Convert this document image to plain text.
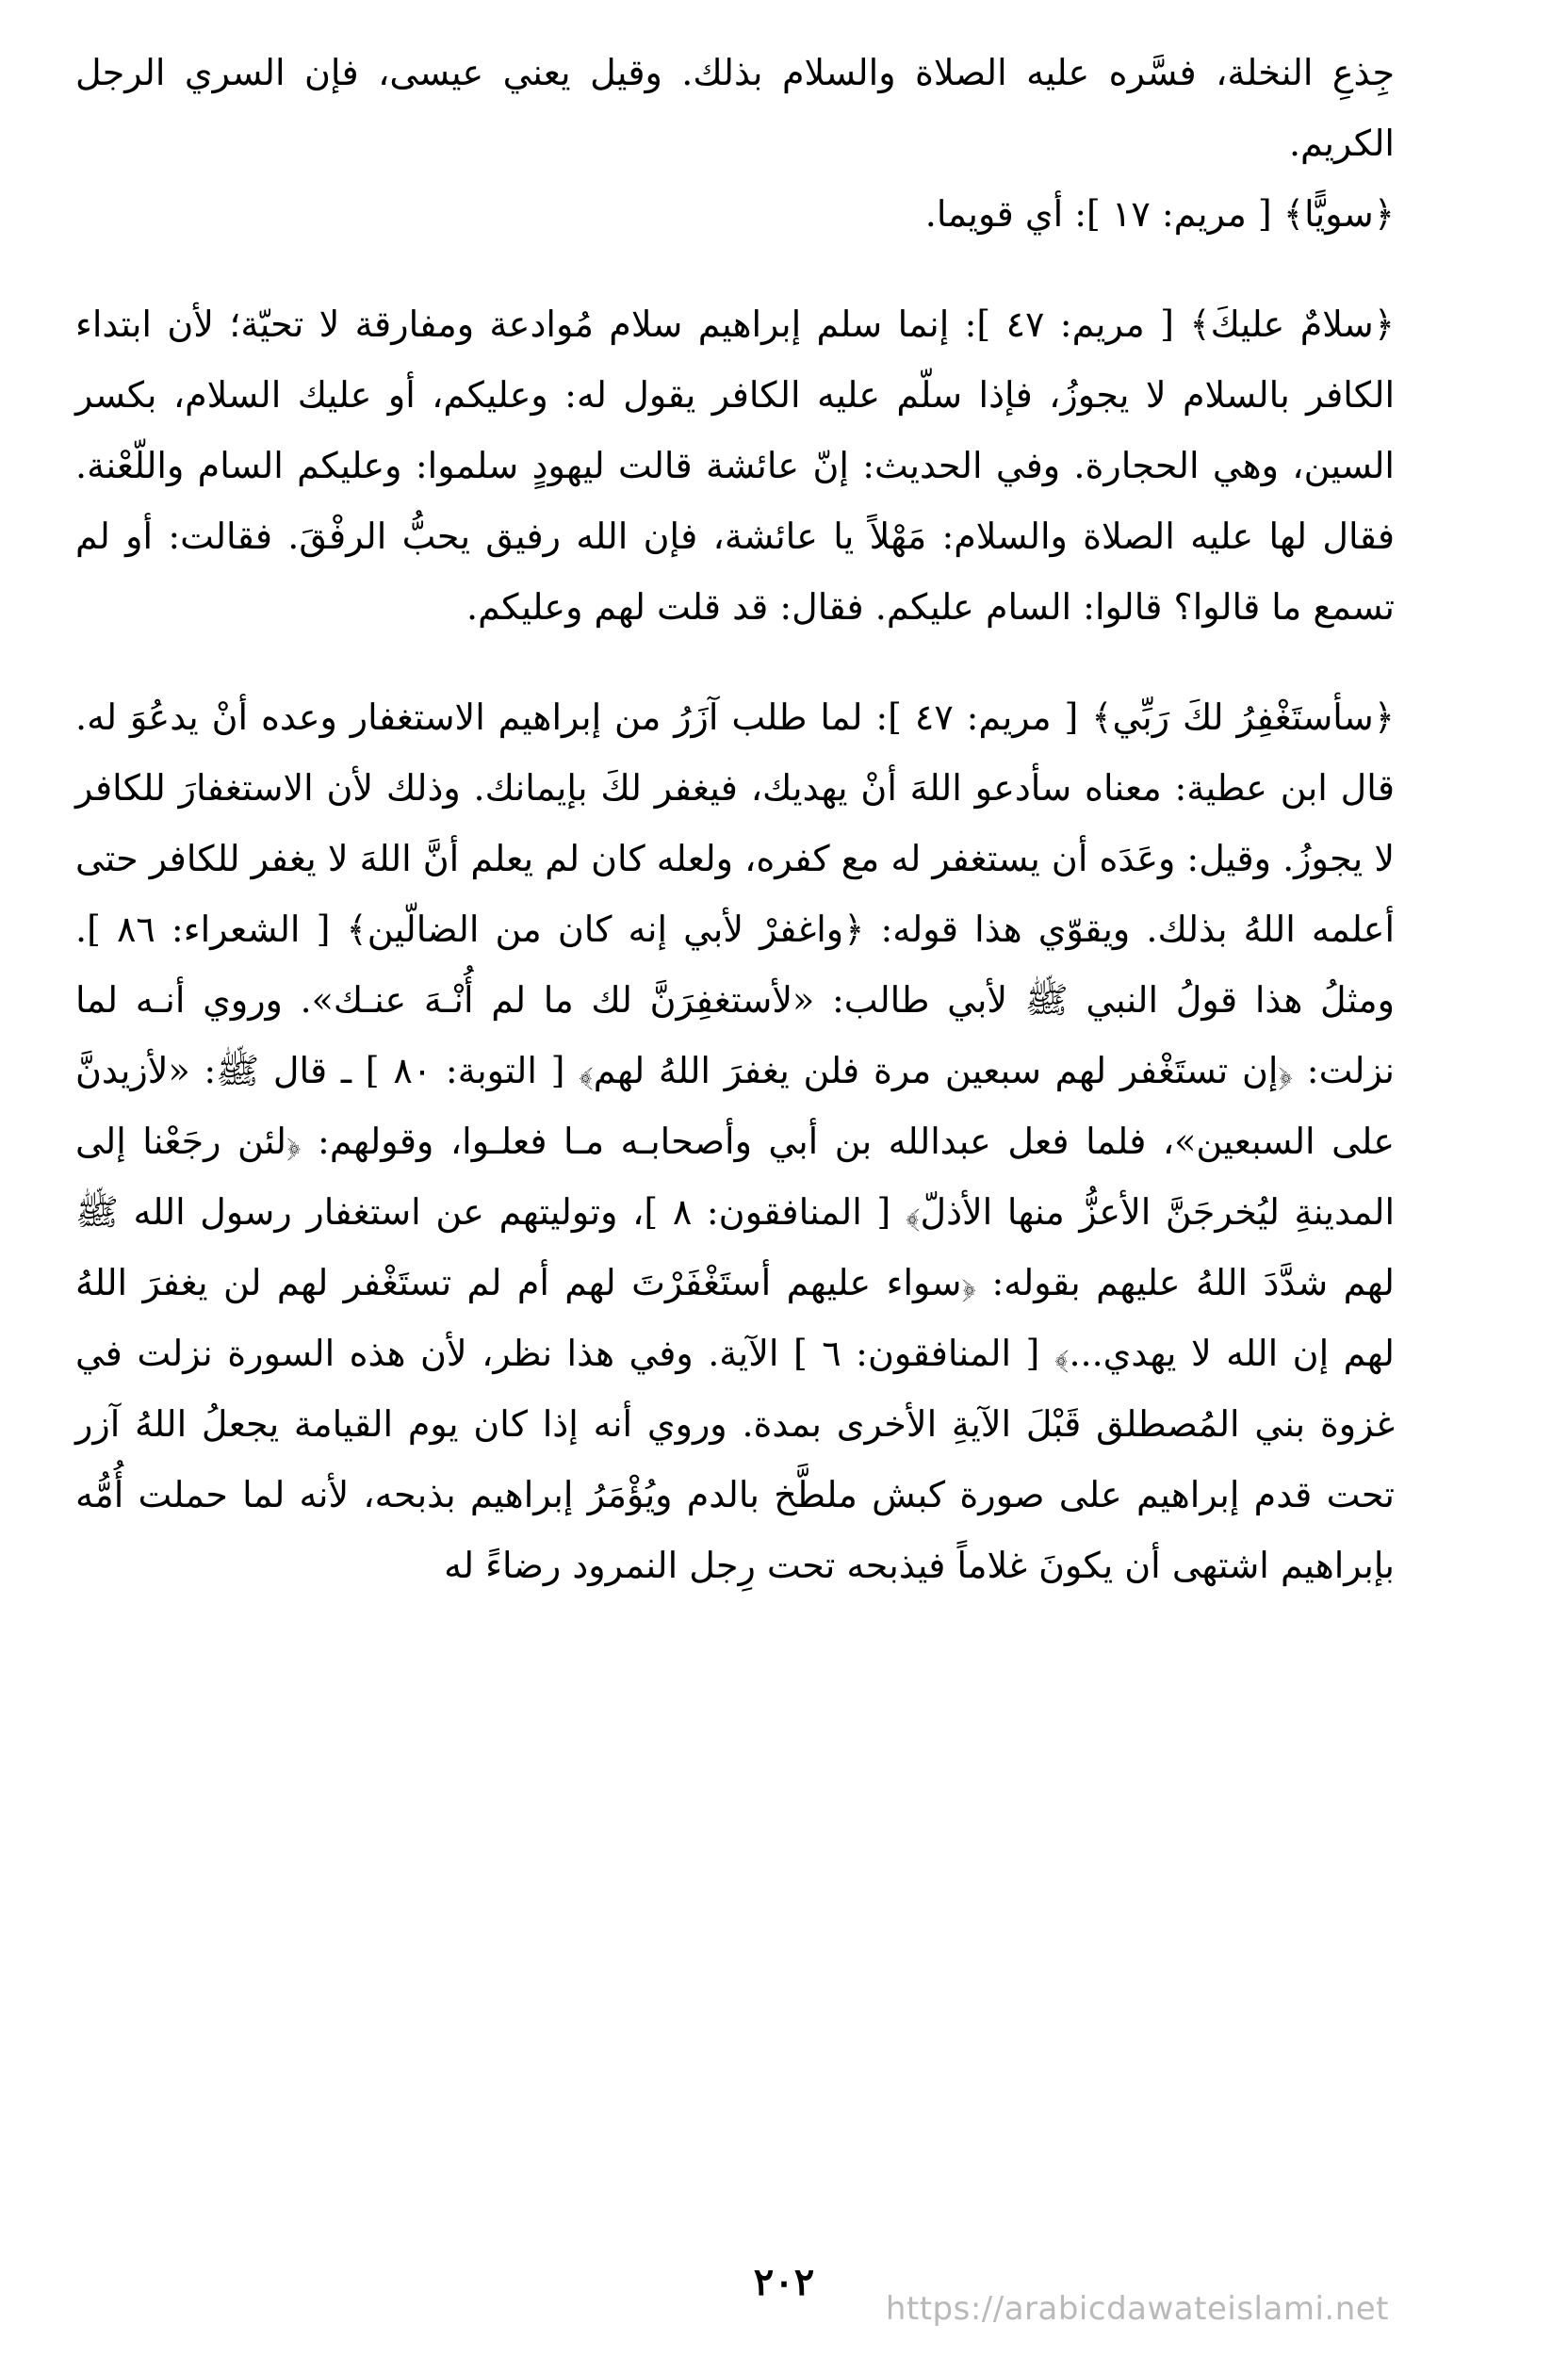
جِذعِ النخلة، فسَّره عليه الصلاة والسلام بذلك. وقيل يعني عيسى، فإن السري الرجل الكريم.

﴿سويًّا﴾ [ مريم: ١٧ ]: أي قويما.

﴿سلامٌ عليكَ﴾ [ مريم: ٤٧ ]: إنما سلم إبراهيم سلام مُوادعة ومفارقة لا تحيّة؛ لأن ابتداء الكافر بالسلام لا يجوزُ، فإذا سلّم عليه الكافر يقول له: وعليكم، أو عليك السلام، بكسر السين، وهي الحجارة. وفي الحديث: إنّ عائشة قالت ليهودٍ سلموا: وعليكم السام واللّعْنة. فقال لها عليه الصلاة والسلام: مَهْلاً يا عائشة، فإن الله رفيق يحبُّ الرفْقَ. فقالت: أو لم تسمع ما قالوا؟ قالوا: السام عليكم. فقال: قد قلت لهم وعليكم.

﴿سأستَغْفِرُ لكَ رَبِّي﴾ [ مريم: ٤٧ ]: لما طلب آزَرُ من إبراهيم الاستغفار وعده أنْ يدعُوَ له. قال ابن عطية: معناه سأدعو اللهَ أنْ يهديك، فيغفر لكَ بإيمانك. وذلك لأن الاستغفارَ للكافر لا يجوزُ. وقيل: وعَدَه أن يستغفر له مع كفره، ولعله كان لم يعلم أنَّ اللهَ لا يغفر للكافر حتى أعلمه اللهُ بذلك. ويقوّي هذا قوله: ﴿واغفرْ لأبي إنه كان من الضالّين﴾ [ الشعراء: ٨٦ ]. ومثلُ هذا قولُ النبي ﷺ لأبي طالب: «لأستغفِرَنَّ لك ما لم أُنْـهَ عنـك». وروي أنـه لما نزلت: ﴿إن تستَغْفر لهم سبعين مرة فلن يغفرَ اللهُ لهم﴾ [ التوبة: ٨٠ ] ـ قال ﷺ: «لأزيدنَّ على السبعين»، فلما فعل عبدالله بن أبي وأصحابـه مـا فعلـوا، وقولهم: ﴿لئن رجَعْنا إلى المدينةِ ليُخرجَنَّ الأعزُّ منها الأذلّ﴾ [ المنافقون: ٨ ]، وتوليتهم عن استغفار رسول الله ﷺ لهم شدَّدَ اللهُ عليهم بقوله: ﴿سواء عليهم أستَغْفَرْتَ لهم أم لم تستَغْفر لهم لن يغفرَ اللهُ لهم إن الله لا يهدي...﴾ [ المنافقون: ٦ ] الآية. وفي هذا نظر، لأن هذه السورة نزلت في غزوة بني المُصطلق قَبْلَ الآيةِ الأخرى بمدة. وروي أنه إذا كان يوم القيامة يجعلُ اللهُ آزر تحت قدم إبراهيم على صورة كبش ملطَّخ بالدم ويُؤْمَرُ إبراهيم بذبحه، لأنه لما حملت أُمُّه بإبراهيم اشتهى أن يكونَ غلاماً فيذبحه تحت رِجل النمرود رضاءً له

٢٠٢
https://arabicdawateislami.net
